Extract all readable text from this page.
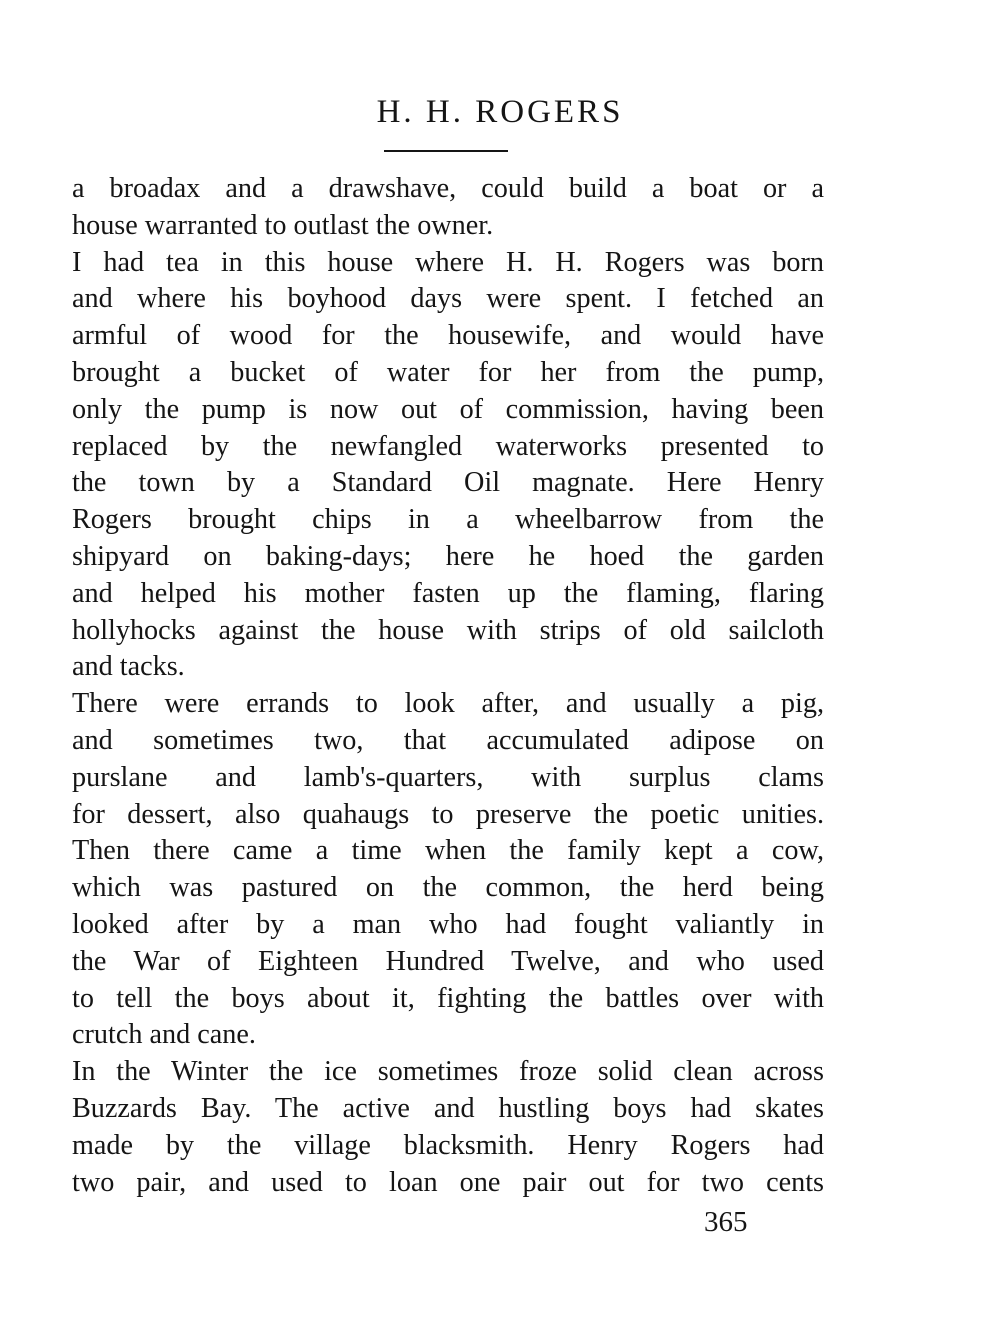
H. H. ROGERS
a broadax and a drawshave, could build a boat or a
house warranted to outlast the owner.
I had tea in this house where H. H. Rogers was born
and where his boyhood days were spent. I fetched an
armful of wood for the housewife, and would have
brought a bucket of water for her from the pump,
only the pump is now out of commission, having been
replaced by the newfangled waterworks presented to
the town by a Standard Oil magnate. Here Henry
Rogers brought chips in a wheelbarrow from the
shipyard on baking-days; here he hoed the garden
and helped his mother fasten up the flaming, flaring
hollyhocks against the house with strips of old sailcloth
and tacks.
There were errands to look after, and usually a pig,
and sometimes two, that accumulated adipose on
purslane and lamb's-quarters, with surplus clams
for dessert, also quahaugs to preserve the poetic unities.
Then there came a time when the family kept a cow,
which was pastured on the common, the herd being
looked after by a man who had fought valiantly in
the War of Eighteen Hundred Twelve, and who used
to tell the boys about it, fighting the battles over with
crutch and cane.
In the Winter the ice sometimes froze solid clean across
Buzzards Bay. The active and hustling boys had skates
made by the village blacksmith. Henry Rogers had
two pair, and used to loan one pair out for two cents
365
